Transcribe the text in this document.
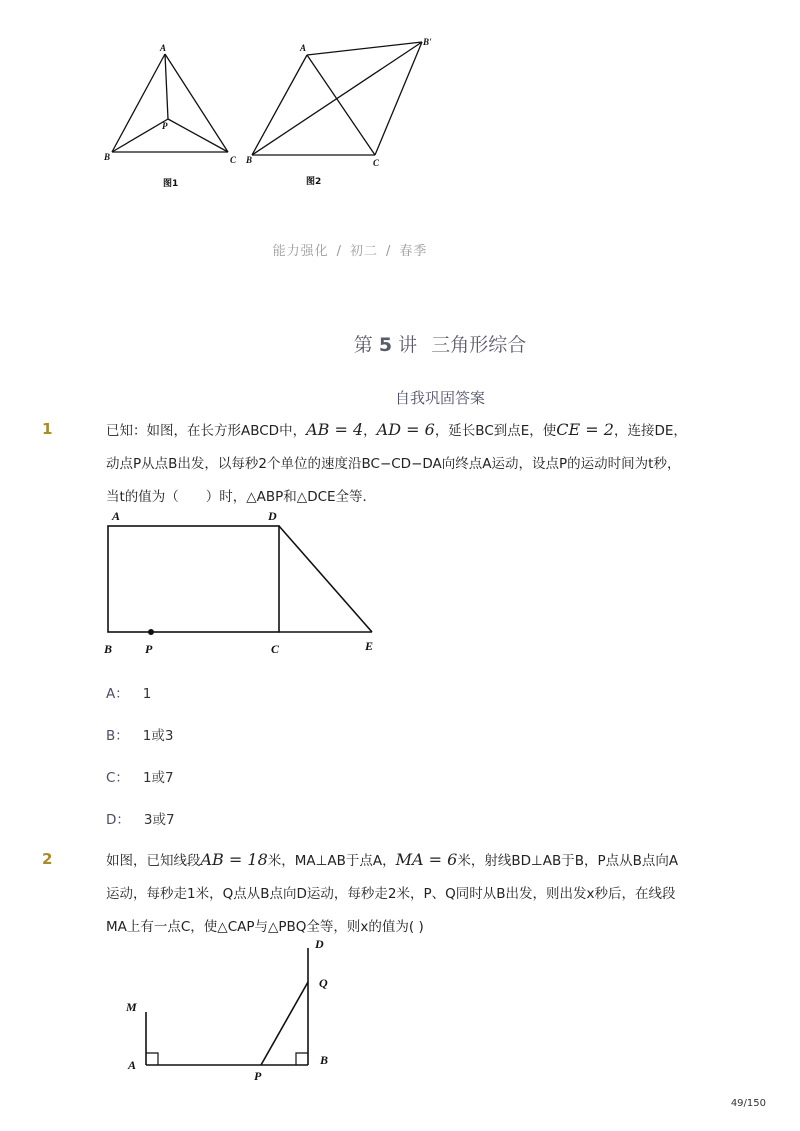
A
B	C
P
图1
A
B'
B	C
图2
能力强化 / 初二 / 春季
第 5 讲 三角形综合
自我巩固答案
1	已知：如图，在长方形ABCD中，AB = 4，AD = 6，延长BC到点E，使CE = 2，连接DE，
动点P从点B出发，以每秒2个单位的速度沿BC−CD−DA向终点A运动，设点P的运动时间为t秒，
当t的值为（　　）时，△ABP和△DCE全等．
A	D
B	P	C	E
A： 1
B： 1或3
C： 1或7
D： 3或7
2	如图，已知线段AB = 18米，MA⊥AB于点A，MA = 6米，射线BD⊥AB于B，P点从B点向A
运动，每秒走1米，Q点从B点向D运动，每秒走2米，P、Q同时从B出发，则出发x秒后，在线段
MA上有一点C，使△CAP与△PBQ全等，则x的值为( )
D
Q
M
A
P
B
49/150
